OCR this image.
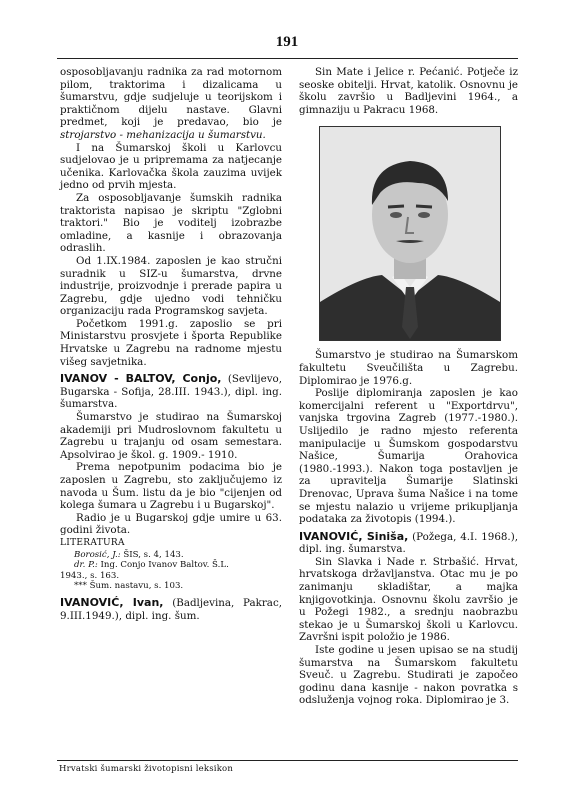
191

osposobljavanju radnika za rad motornom pilom, traktorima i dizalicama u šumarstvu, gdje sudjeluje u teorijskom i praktičnom dijelu nastave. Glavni predmet, koji je predavao, bio je strojarstvo - mehanizacija u šumarstvu.

I na Šumarskoj školi u Karlovcu sudjelovao je u pripremama za natjecanje učenika. Karlovačka škola zauzima uvijek jedno od prvih mjesta.

Za osposobljavanje šumskih radnika traktorista napisao je skriptu "Zglobni traktori." Bio je voditelj izobrazbe omladine, a kasnije i obrazovanja odraslih.

Od 1.IX.1984. zaposlen je kao stručni suradnik u SIZ-u šumarstva, drvne industrije, proizvodnje i prerade papira u Zagrebu, gdje ujedno vodi tehničku organizaciju rada Programskog savjeta.

Početkom 1991.g. zaposlio se pri Ministarstvu prosvjete i športa Republike Hrvatske u Zagrebu na radnome mjestu višeg savjetnika.

IVANOV - BALTOV, Conjo, (Sevlijevo, Bugarska - Sofija, 28.III. 1943.), dipl. ing. šumarstva.

Šumarstvo je studirao na Šumarskoj akademiji pri Mudroslovnom fakultetu u Zagrebu u trajanju od osam semestara. Apsolvirao je škol. g. 1909.- 1910.

Prema nepotpunim podacima bio je zaposlen u Zagrebu, sto zaključujemo iz navoda u Šum. listu da je bio "cijenjen od kolega šumara u Zagrebu i u Bugarskoj".

Radio je u Bugarskoj gdje umire u 63. godini života.

LITERATURA

Borosić, J.: ŠIS, s. 4, 143.

dr. P.: Ing. Conjo Ivanov Baltov. Š.L.

1943., s. 163.

*** Šum. nastavu, s. 103.

IVANOVIĆ, Ivan, (Badljevina, Pakrac, 9.III.1949.), dipl. ing. šum.

Sin Mate i Jelice r. Pećanić. Potječe iz seoske obitelji. Hrvat, katolik. Osnovnu je školu završio u Badljevini 1964., a gimnaziju u Pakracu 1968.

Šumarstvo je studirao na Šumarskom fakultetu Sveučilišta u Zagrebu. Diplomirao je 1976.g.

Poslije diplomiranja zaposlen je kao komercijalni referent u "Exportdrvu", vanjska trgovina Zagreb (1977.-1980.). Uslijedilo je radno mjesto referenta manipulacije u Šumskom gospodarstvu Našice, Šumarija Orahovica (1980.-1993.). Nakon toga postavljen je za upravitelja Šumarije Slatinski Drenovac, Uprava šuma Našice i na tome se mjestu nalazio u vrijeme prikupljanja podataka za životopis (1994.).

IVANOVIĆ, Siniša, (Požega, 4.I. 1968.), dipl. ing. šumarstva.

Sin Slavka i Nade r. Strbašić. Hrvat, hrvatskoga državljanstva. Otac mu je po zanimanju skladištar, a majka knjigovotkinja. Osnovnu školu završio je u Požegi 1982., a srednju naobrazbu stekao je u Šumarskoj školi u Karlovcu. Završni ispit položio je 1986.

Iste godine u jesen upisao se na studij šumarstva na Šumarskom fakultetu Sveuč. u Zagrebu. Studirati je započeo godinu dana kasnije - nakon povratka s odsluženja vojnog roka. Diplomirao je 3.

Hrvatski šumarski životopisni leksikon
